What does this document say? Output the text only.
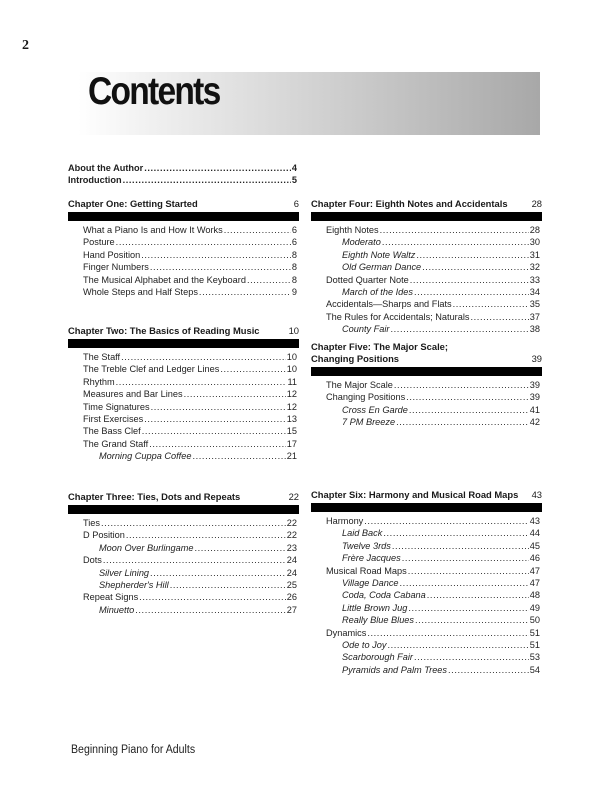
2
Contents
About the Author .....	4
Introduction .....	5
Chapter One: Getting Started	6
What a Piano Is and How It Works .....	6
Posture .....	6
Hand Position .....	8
Finger Numbers .....	8
The Musical Alphabet and the Keyboard .....	8
Whole Steps and Half Steps .....	9
Chapter Two: The Basics of Reading Music	10
The Staff .....	10
The Treble Clef and Ledger Lines .....	10
Rhythm .....	11
Measures and Bar Lines .....	12
Time Signatures .....	12
First Exercises .....	13
The Bass Clef .....	15
The Grand Staff .....	17
Morning Cuppa Coffee .....	21
Chapter Three: Ties, Dots and Repeats	22
Ties .....	22
D Position .....	22
Moon Over Burlingame .....	23
Dots .....	24
Silver Lining .....	24
Shepherder's Hill .....	25
Repeat Signs .....	26
Minuetto .....	27
Chapter Four: Eighth Notes and Accidentals	28
Eighth Notes .....	28
Moderato .....	30
Eighth Note Waltz .....	31
Old German Dance .....	32
Dotted Quarter Note .....	33
March of the Ides .....	34
Accidentals—Sharps and Flats .....	35
The Rules for Accidentals; Naturals .....	37
County Fair .....	38
Chapter Five: The Major Scale;
Changing Positions	39
The Major Scale .....	39
Changing Positions .....	39
Cross En Garde .....	41
7 PM Breeze .....	42
Chapter Six: Harmony and Musical Road Maps 43
Harmony .....	43
Laid Back .....	44
Twelve 3rds .....	45
Frère Jacques .....	46
Musical Road Maps .....	47
Village Dance .....	47
Coda, Coda Cabana .....	48
Little Brown Jug .....	49
Really Blue Blues .....	50
Dynamics .....	51
Ode to Joy .....	51
Scarborough Fair .....	53
Pyramids and Palm Trees .....	54
Beginning Piano for Adults
